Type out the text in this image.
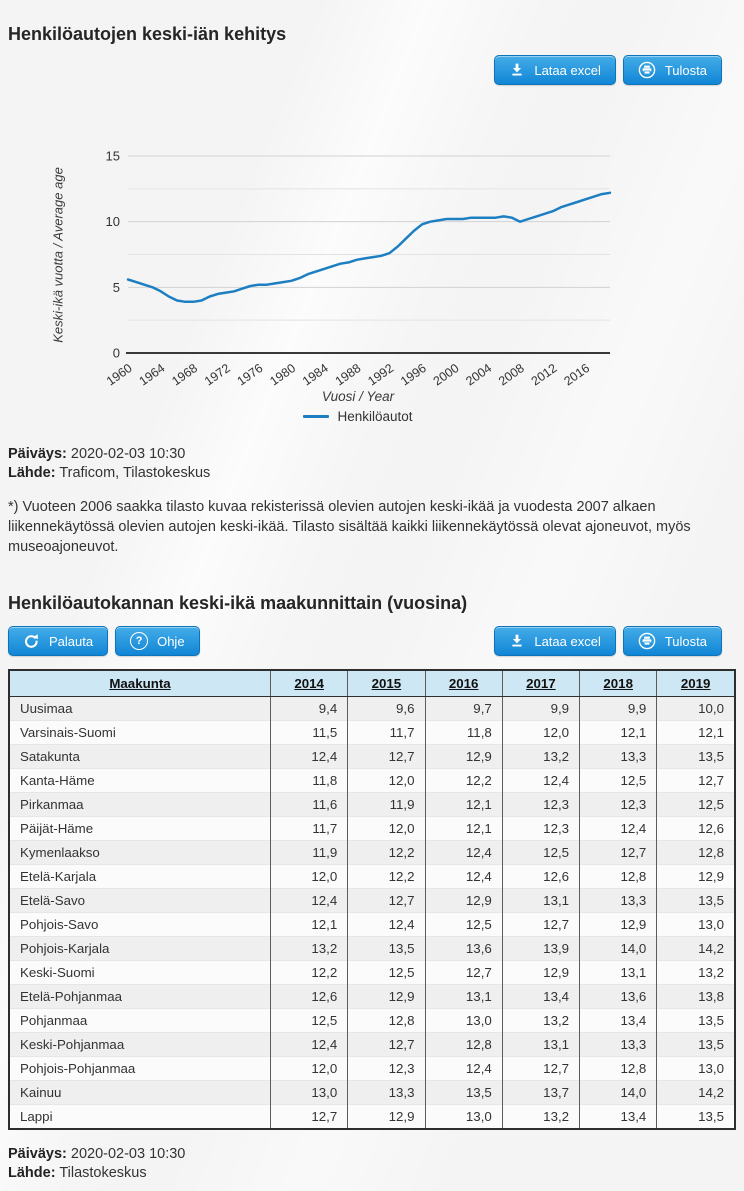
Henkilöautojen keski-iän kehitys
Lataa excel	Tulosta
Keski-ikä vuotta / Average age
0
5
10
15
1960 1964 1968 1972 1976 1980 1984 1988 1992 1996 2000 2004 2008 2012 2016
Vuosi / Year
Henkilöautot
Päiväys: 2020-02-03 10:30
Lähde: Traficom, Tilastokeskus

*) Vuoteen 2006 saakka tilasto kuvaa rekisterissä olevien autojen keski-ikää ja vuodesta 2007 alkaen liikennekäytössä olevien autojen keski-ikää. Tilasto sisältää kaikki liikennekäytössä olevat ajoneuvot, myös museoajoneuvot.

Henkilöautokannan keski-ikä maakunnittain (vuosina)
Palauta	?	Ohje	Lataa excel	Tulosta
Maakunta	2014	2015	2016	2017	2018	2019
Uusimaa	9,4	9,6	9,7	9,9	9,9	10,0
Varsinais-Suomi	11,5	11,7	11,8	12,0	12,1	12,1
Satakunta	12,4	12,7	12,9	13,2	13,3	13,5
Kanta-Häme	11,8	12,0	12,2	12,4	12,5	12,7
Pirkanmaa	11,6	11,9	12,1	12,3	12,3	12,5
Päijät-Häme	11,7	12,0	12,1	12,3	12,4	12,6
Kymenlaakso	11,9	12,2	12,4	12,5	12,7	12,8
Etelä-Karjala	12,0	12,2	12,4	12,6	12,8	12,9
Etelä-Savo	12,4	12,7	12,9	13,1	13,3	13,5
Pohjois-Savo	12,1	12,4	12,5	12,7	12,9	13,0
Pohjois-Karjala	13,2	13,5	13,6	13,9	14,0	14,2
Keski-Suomi	12,2	12,5	12,7	12,9	13,1	13,2
Etelä-Pohjanmaa	12,6	12,9	13,1	13,4	13,6	13,8
Pohjanmaa	12,5	12,8	13,0	13,2	13,4	13,5
Keski-Pohjanmaa	12,4	12,7	12,8	13,1	13,3	13,5
Pohjois-Pohjanmaa	12,0	12,3	12,4	12,7	12,8	13,0
Kainuu	13,0	13,3	13,5	13,7	14,0	14,2
Lappi	12,7	12,9	13,0	13,2	13,4	13,5
Päiväys: 2020-02-03 10:30
Lähde: Tilastokeskus
